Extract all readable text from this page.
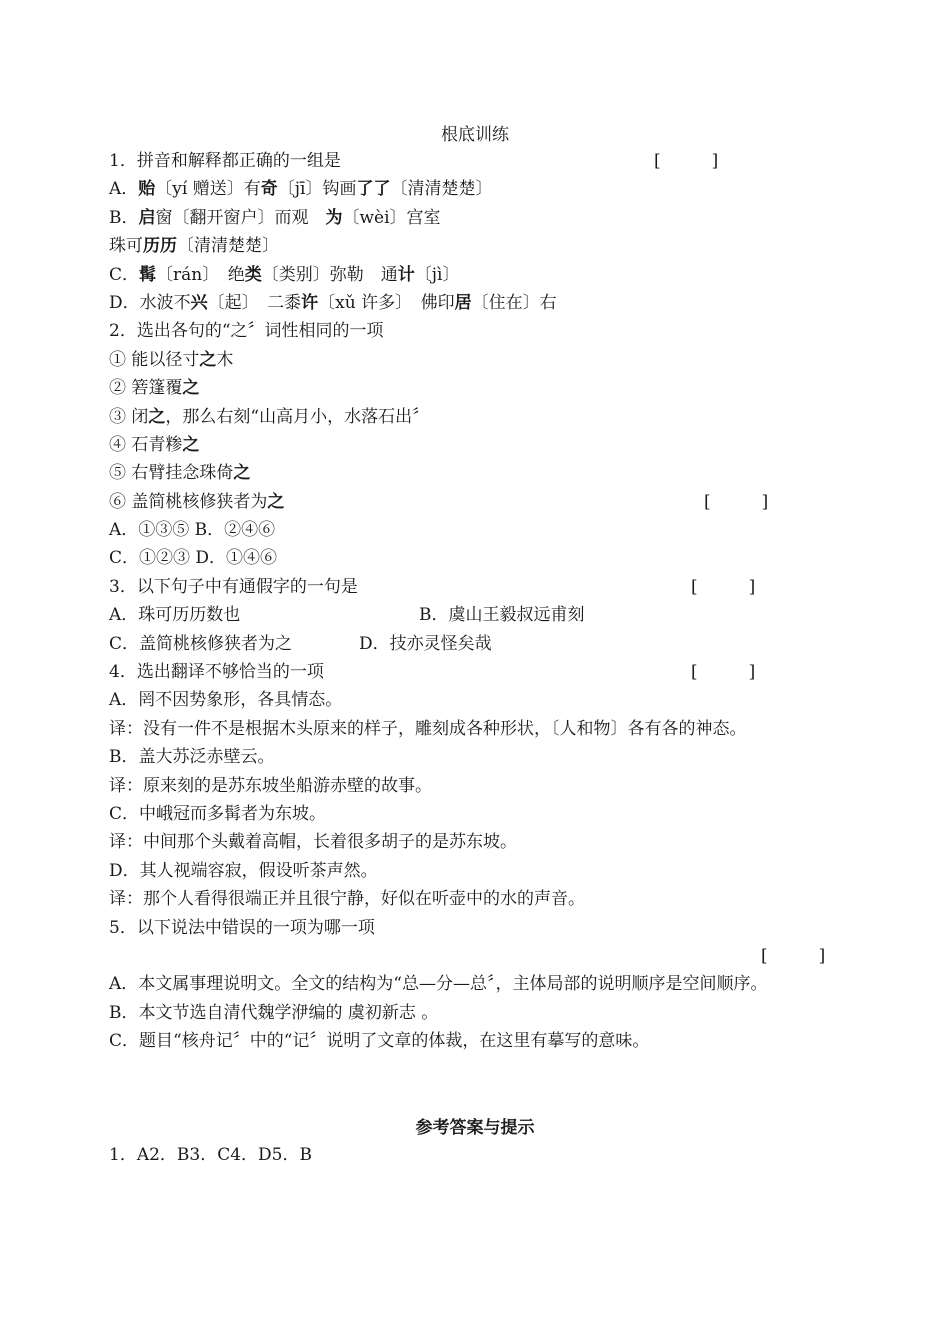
根底训练
1．拼音和解释都正确的一组是	[　　　]
A．贻〔yí 赠送〕有奇〔jī〕钩画了了〔清清楚楚〕
B．启窗〔翻开窗户〕而观　为〔wèi〕宫室
珠可历历〔清清楚楚〕
C．髯〔rán〕　绝类〔类别〕弥勒　通计〔jì〕
D．水波不兴〔起〕　二黍许〔xǔ 许多〕　佛印居〔住在〕右
2．选出各句的“之〞词性相同的一项
① 能以径寸之木
② 箬篷覆之
③ 闭之，那么右刻“山高月小，水落石出〞
④ 石青糁之
⑤ 右臂挂念珠倚之
⑥ 盖简桃核修狭者为之	[　　　]
A．①③⑤ B．②④⑥
C．①②③ D．①④⑥
3．以下句子中有通假字的一句是	[　　　]
A．珠可历历数也	B．虞山王毅叔远甫刻
C．盖简桃核修狭者为之	D．技亦灵怪矣哉
4．选出翻译不够恰当的一项	[　　　]
A．罔不因势象形，各具情态。
译：没有一件不是根据木头原来的样子，雕刻成各种形状，〔人和物〕各有各的神态。
B．盖大苏泛赤壁云。
译：原来刻的是苏东坡坐船游赤壁的故事。
C．中峨冠而多髯者为东坡。
译：中间那个头戴着高帽，长着很多胡子的是苏东坡。
D．其人视端容寂，假设听茶声然。
译：那个人看得很端正并且很宁静，好似在听壶中的水的声音。
5．以下说法中错误的一项为哪一项
[　　　]
A．本文属事理说明文。全文的结构为“总—分—总〞，主体局部的说明顺序是空间顺序。
B．本文节选自清代魏学洢编的 虞初新志 。
C．题目“核舟记〞中的“记〞说明了文章的体裁，在这里有摹写的意味。
参考答案与提示
1．A2．B3．C4．D5．B
